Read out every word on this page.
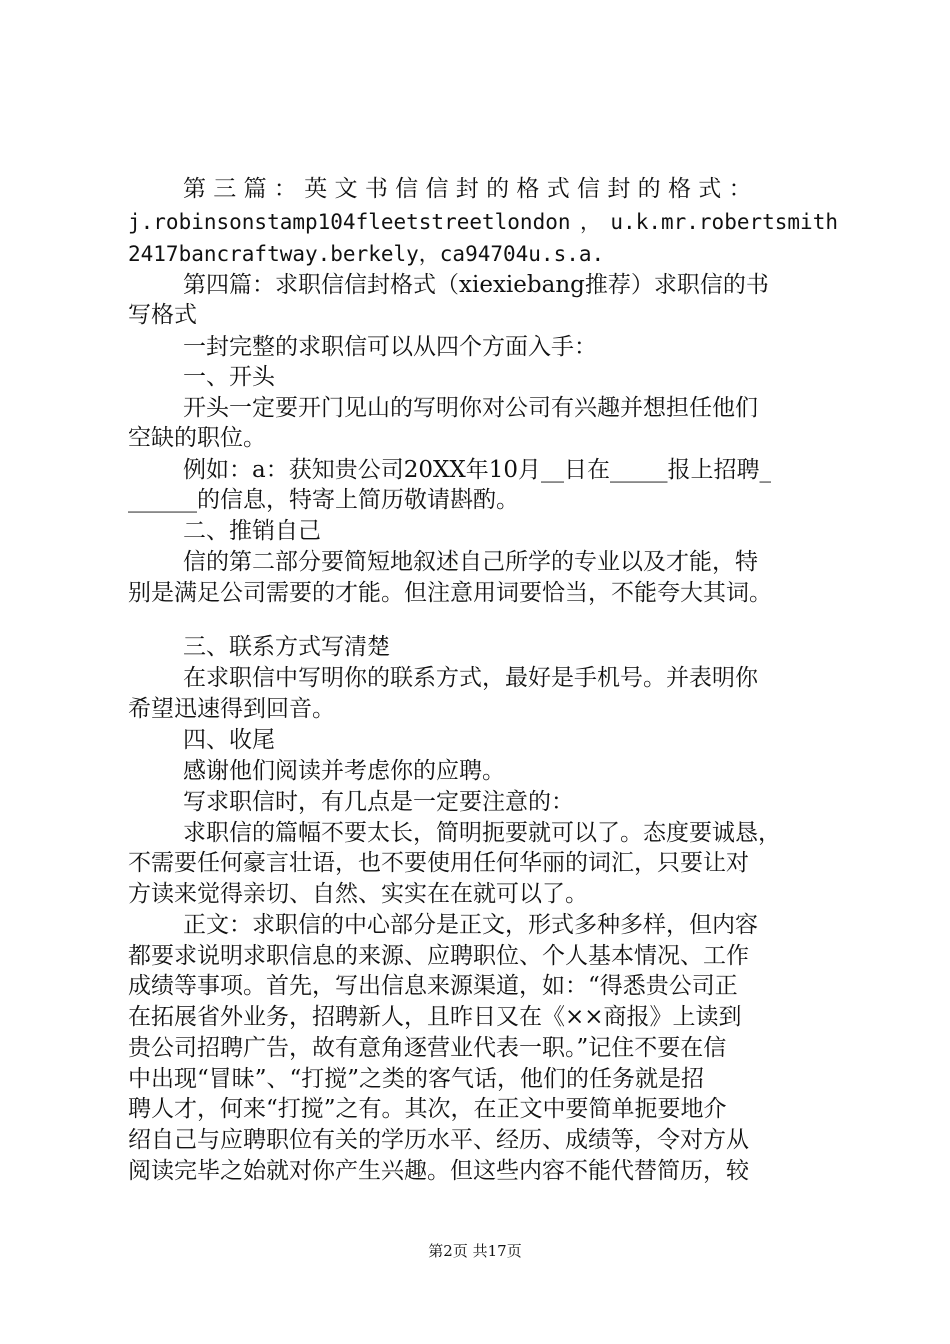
第 三 篇 ： 英 文 书 信 信 封 的 格 式 信 封 的 格 式 ：
j.robinsonstamp104fleetstreetlondon，u.k.mr.robertsmith
2417bancraftway.berkely，ca94704u.s.a.
第四篇：求职信信封格式（xiexiebang推荐）求职信的书
写格式
一封完整的求职信可以从四个方面入手：
一、开头
开头一定要开门见山的写明你对公司有兴趣并想担任他们
空缺的职位。
例如：a：获知贵公司20XX年10月__日在_____报上招聘_
______的信息，特寄上简历敬请斟酌。
二、推销自己
信的第二部分要简短地叙述自己所学的专业以及才能，特
别是满足公司需要的才能。但注意用词要恰当，不能夸大其词。
三、联系方式写清楚
在求职信中写明你的联系方式，最好是手机号。并表明你
希望迅速得到回音。
四、收尾
感谢他们阅读并考虑你的应聘。
写求职信时，有几点是一定要注意的：
求职信的篇幅不要太长，简明扼要就可以了。态度要诚恳，
不需要任何豪言壮语，也不要使用任何华丽的词汇，只要让对
方读来觉得亲切、自然、实实在在就可以了。
正文：求职信的中心部分是正文，形式多种多样，但内容
都要求说明求职信息的来源、应聘职位、个人基本情况、工作
成绩等事项。首先，写出信息来源渠道，如：“得悉贵公司正
在拓展省外业务，招聘新人，且昨日又在《××商报》上读到
贵公司招聘广告，故有意角逐营业代表一职。”记住不要在信
中出现“冒昧”、“打搅”之类的客气话，他们的任务就是招
聘人才，何来“打搅”之有。其次，在正文中要简单扼要地介
绍自己与应聘职位有关的学历水平、经历、成绩等，令对方从
阅读完毕之始就对你产生兴趣。但这些内容不能代替简历，较
第2页 共17页
